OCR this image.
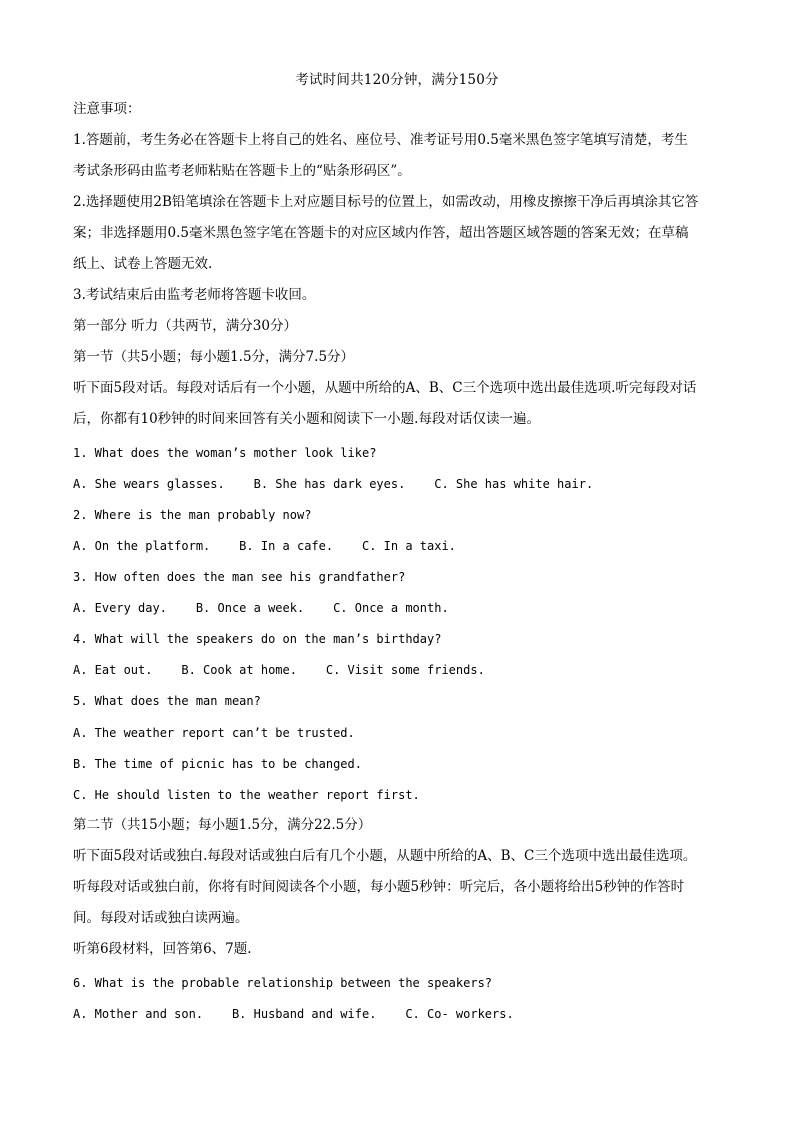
考试时间共120分钟，满分150分
注意事项：
1.答题前，考生务必在答题卡上将自己的姓名、座位号、准考证号用0.5毫米黑色签字笔填写清楚，考生
考试条形码由监考老师粘贴在答题卡上的“贴条形码区”。
2.选择题使用2B铅笔填涂在答题卡上对应题目标号的位置上，如需改动，用橡皮擦擦干净后再填涂其它答
案；非选择题用0.5毫米黑色签字笔在答题卡的对应区域内作答，超出答题区域答题的答案无效；在草稿
纸上、试卷上答题无效.
3.考试结束后由监考老师将答题卡收回。
第一部分 听力（共两节，满分30分）
第一节（共5小题；每小题1.5分，满分7.5分）
听下面5段对话。每段对话后有一个小题，从题中所给的A、B、C三个选项中选出最佳选项.听完每段对话
后，你都有10秒钟的时间来回答有关小题和阅读下一小题.每段对话仅读一遍。
1. What does the woman’s mother look like?
A. She wears glasses.    B. She has dark eyes.    C. She has white hair.
2. Where is the man probably now?
A. On the platform.    B. In a cafe.    C. In a taxi.
3. How often does the man see his grandfather?
A. Every day.    B. Once a week.    C. Once a month.
4. What will the speakers do on the man’s birthday?
A. Eat out.    B. Cook at home.    C. Visit some friends.
5. What does the man mean?
A. The weather report can’t be trusted.
B. The time of picnic has to be changed.
C. He should listen to the weather report first.
第二节（共15小题；每小题1.5分，满分22.5分）
听下面5段对话或独白.每段对话或独白后有几个小题，从题中所给的A、B、C三个选项中选出最佳选项。
听每段对话或独白前，你将有时间阅读各个小题，每小题5秒钟：听完后，各小题将给出5秒钟的作答时
间。每段对话或独白读两遍。
听第6段材料，回答第6、7题.
6. What is the probable relationship between the speakers?
A. Mother and son.    B. Husband and wife.    C. Co- workers.
